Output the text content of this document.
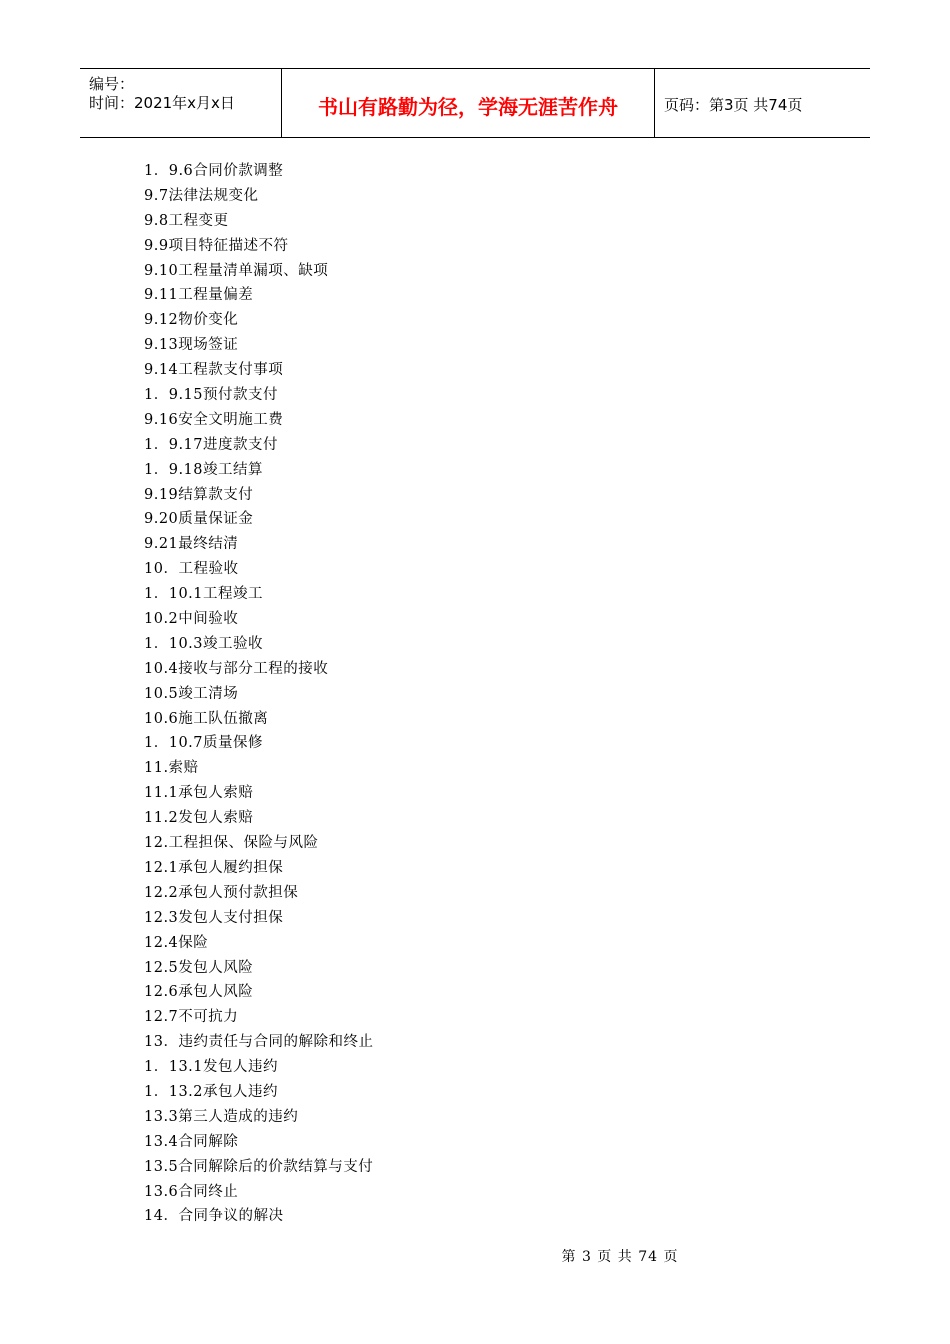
编号：
时间：2021年x月x日	书山有路勤为径，学海无涯苦作舟	页码：第3页 共74页
1．9.6合同价款调整
9.7法律法规变化
9.8工程变更
9.9项目特征描述不符
9.10工程量清单漏项、缺项
9.11工程量偏差
9.12物价变化
9.13现场签证
9.14工程款支付事项
1．9.15预付款支付
9.16安全文明施工费
1．9.17进度款支付
1．9.18竣工结算
9.19结算款支付
9.20质量保证金
9.21最终结清
10．工程验收
1．10.1工程竣工
10.2中间验收
1．10.3竣工验收
10.4接收与部分工程的接收
10.5竣工清场
10.6施工队伍撤离
1．10.7质量保修
11.索赔
11.1承包人索赔
11.2发包人索赔
12.工程担保、保险与风险
12.1承包人履约担保
12.2承包人预付款担保
12.3发包人支付担保
12.4保险
12.5发包人风险
12.6承包人风险
12.7不可抗力
13．违约责任与合同的解除和终止
1．13.1发包人违约
1．13.2承包人违约
13.3第三人造成的违约
13.4合同解除
13.5合同解除后的价款结算与支付
13.6合同终止
14．合同争议的解决
第 3 页 共 74 页
